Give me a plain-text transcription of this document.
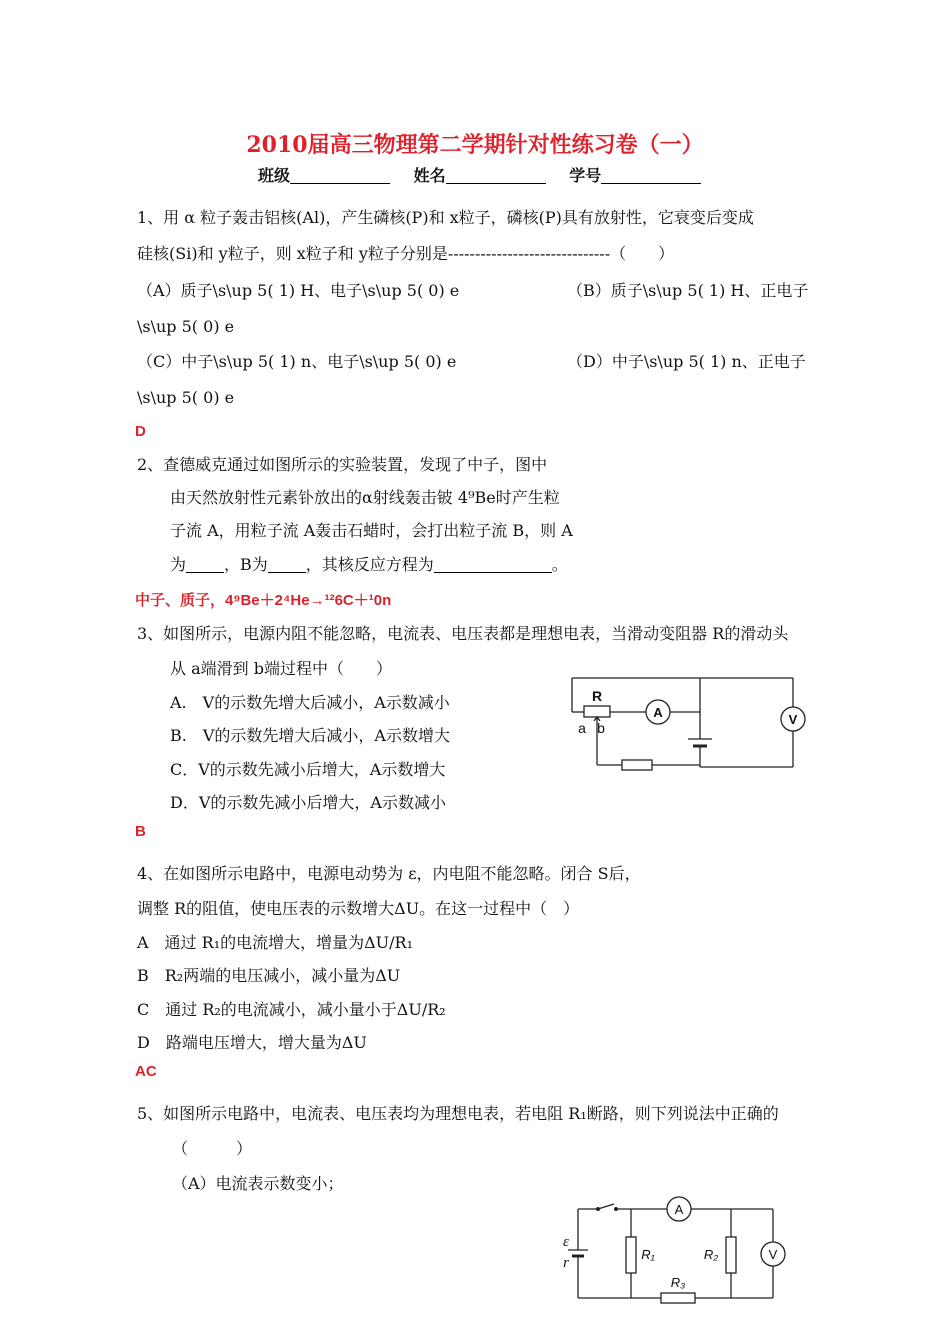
2010届高三物理第二学期针对性练习卷（一）
班级	姓名	学号
1、用 α 粒子轰击铝核(Al)，产生磷核(P)和 x粒子，磷核(P)具有放射性，它衰变后变成
硅核(Si)和 y粒子，则 x粒子和 y粒子分别是------------------------------（　　）
（A）质子\s\up 5( 1) H、电子\s\up 5( 0) e	（B）质子\s\up 5( 1) H、正电子
\s\up 5( 0) e
（C）中子\s\up 5( 1) n、电子\s\up 5( 0) e	（D）中子\s\up 5( 1) n、正电子
\s\up 5( 0) e
D
2、查德威克通过如图所示的实验装置，发现了中子，图中
由天然放射性元素钋放出的α射线轰击铍 4⁹Be时产生粒
子流 A，用粒子流 A轰击石蜡时，会打出粒子流 B，则 A
为 ，B为 ，其核反应方程为	。
中子、质子，4⁹Be＋2⁴He→¹²6C＋¹0n
3、如图所示，电源内阻不能忽略，电流表、电压表都是理想电表，当滑动变阻器 R的滑动头
从 a端滑到 b端过程中（　　）
A.　V的示数先增大后减小，A示数减小
B.　V的示数先增大后减小，A示数增大
C．V的示数先减小后增大，A示数增大
D．V的示数先减小后增大，A示数减小
B
R
a b
A	V
4、在如图所示电路中，电源电动势为 ε，内电阻不能忽略。闭合 S后，
调整 R的阻值，使电压表的示数增大ΔU。在这一过程中（　）
A　通过 R₁的电流增大，增量为ΔU/R₁
B　R₂两端的电压减小，减小量为ΔU
C　通过 R₂的电流减小，减小量小于ΔU/R₂
D　路端电压增大，增大量为ΔU
AC
5、如图所示电路中，电流表、电压表均为理想电表，若电阻 R₁断路，则下列说法中正确的
（　　　）
（A）电流表示数变小；
ε
r
R₁	R₂
R₃
A
V
